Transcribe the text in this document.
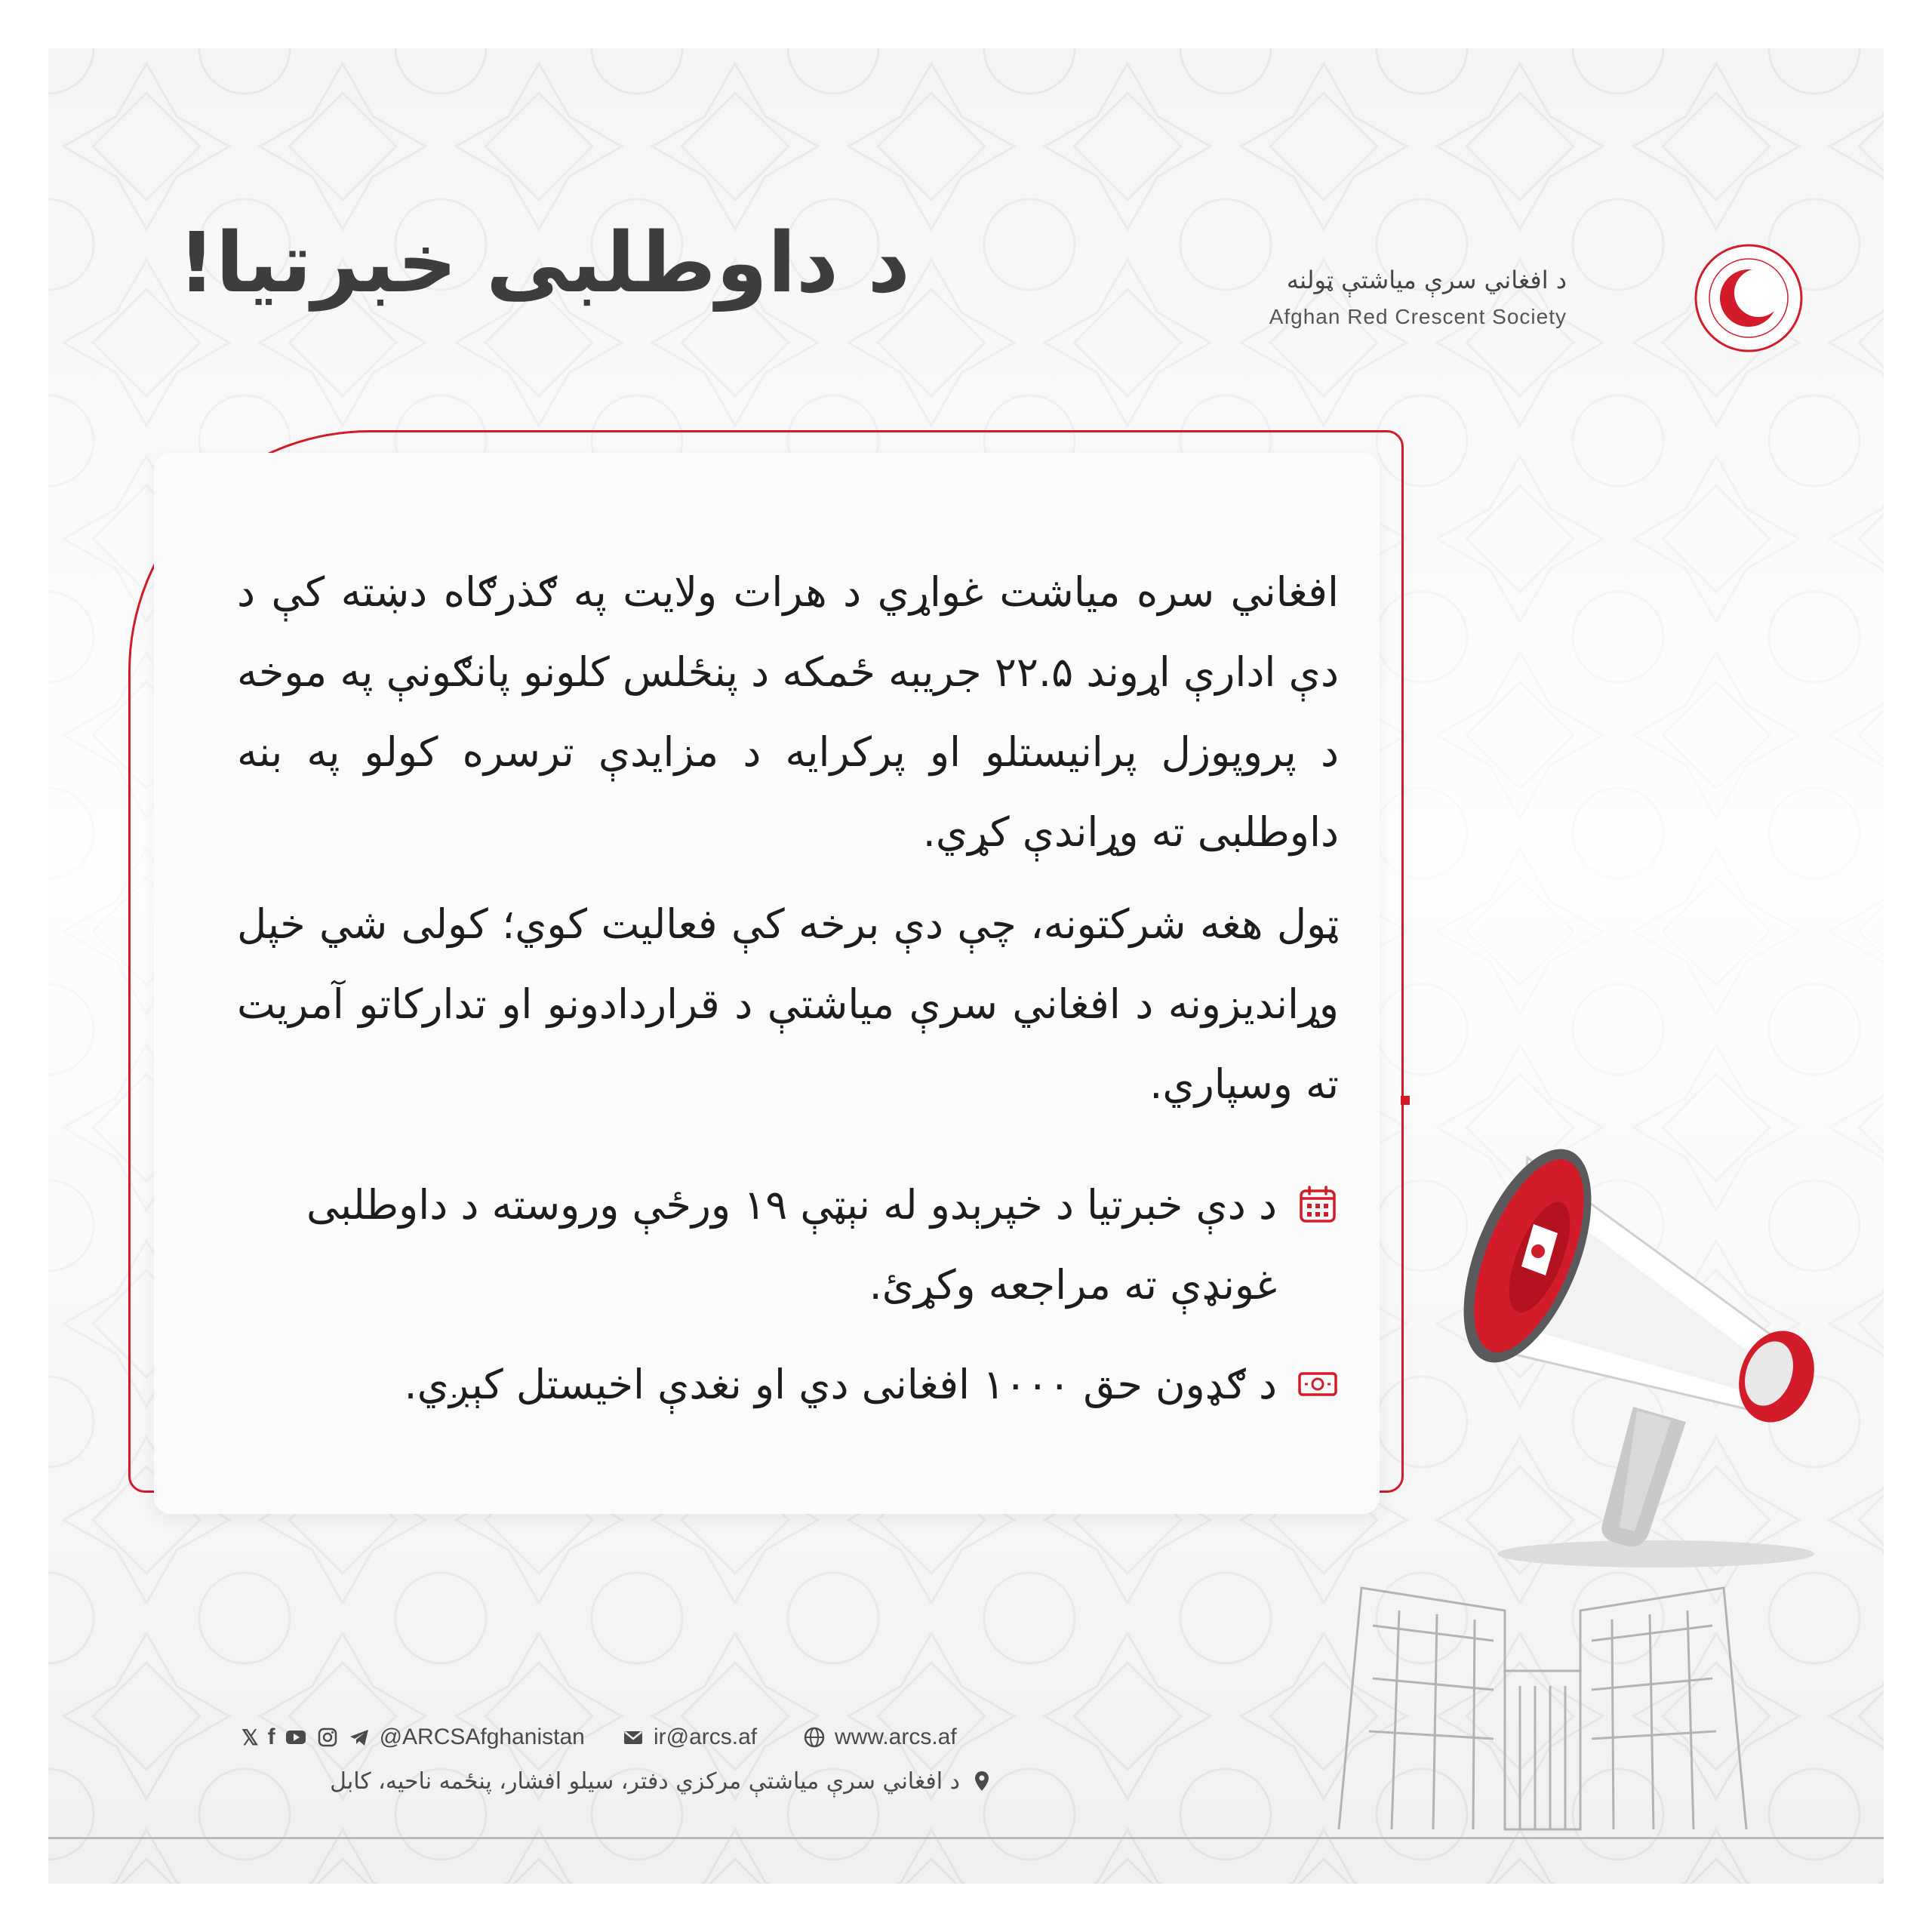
د داوطلبی خبرتیا!	د افغاني سرې میاشتې ټولنه
Afghan Red Crescent Society
افغاني سره میاشت غواړي د هرات ولایت په ګذرګاه دښته کې د دې ادارې اړوند ۲۲.۵ جریبه ځمکه د پنځلس کلونو پانګونې په موخه د پروپوزل پرانیستلو او پرکرایه د مزایدې ترسره کولو په بنه داوطلبی ته وړاندې کړي.
ټول هغه شرکتونه، چې دې برخه کې فعالیت کوي؛ کولی شي خپل وړاندیزونه د افغاني سرې میاشتې د قراردادونو او تدارکاتو آمریت ته وسپاري.
د دې خبرتیا د خپرېدو له نېټې ۱۹ ورځې وروسته د داوطلبی غونډې ته مراجعه وکړئ.
د ګډون حق ۱۰۰۰ افغانی دي او نغدې اخیستل کېږي.
𝕏 f	@ARCSAfghanistan	ir@arcs.af	www.arcs.af
د افغاني سرې میاشتې مرکزي دفتر، سیلو افشار، پنځمه ناحیه، کابل
